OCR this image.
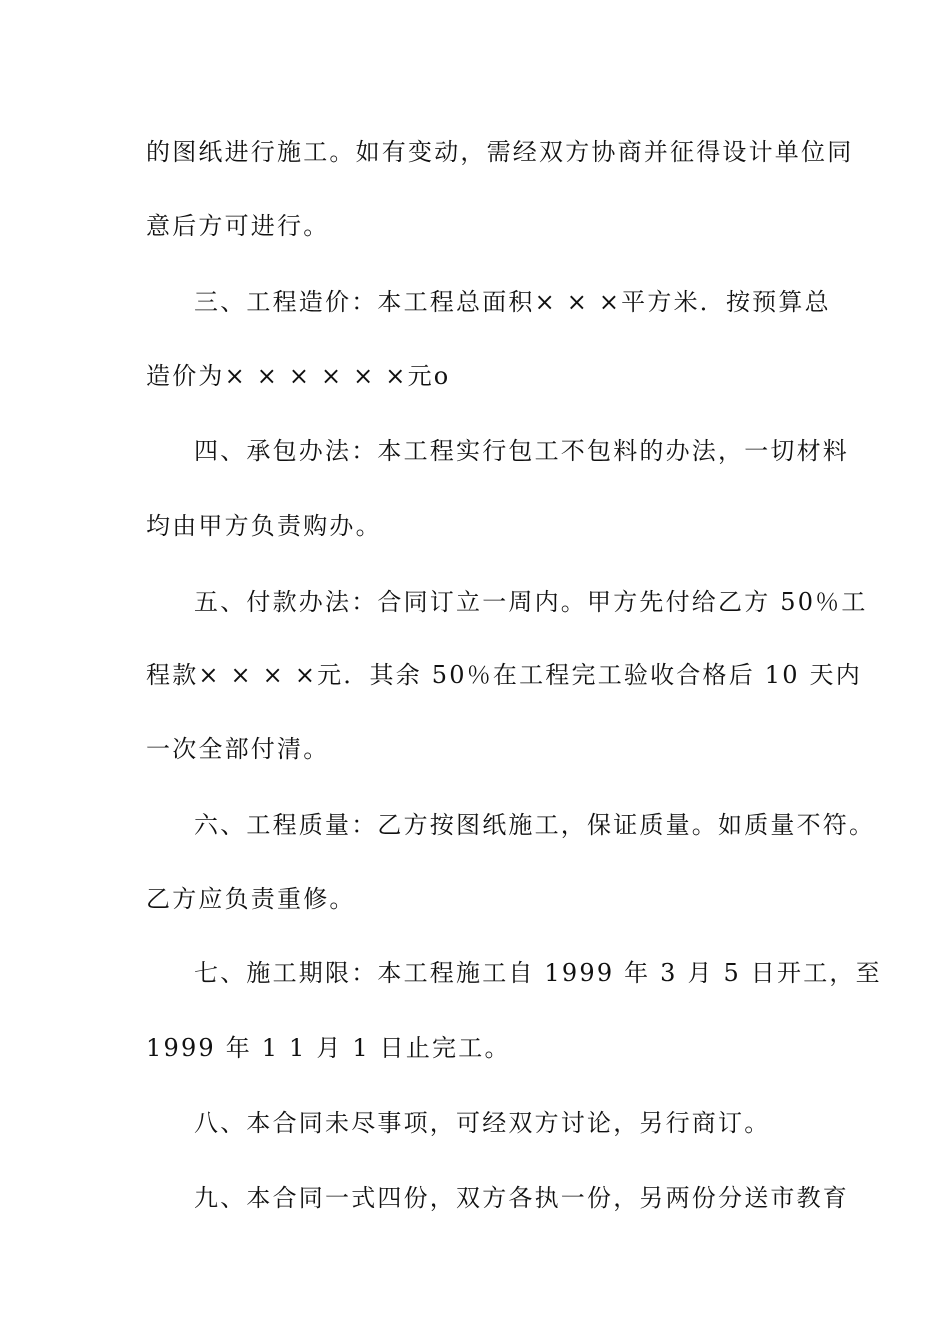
的图纸进行施工。如有变动，需经双方协商并征得设计单位同
意后方可进行。
三、工程造价：本工程总面积× × ×平方米．按预算总
造价为× × × × × ×元o
四、承包办法：本工程实行包工不包料的办法，一切材料
均由甲方负责购办。
五、付款办法：合同订立一周内。甲方先付给乙方 50％工
程款× × × ×元．其余 50％在工程完工验收合格后 10 天内
一次全部付清。
六、工程质量：乙方按图纸施工，保证质量。如质量不符。
乙方应负责重修。
七、施工期限：本工程施工自 1999 年 3 月 5 日开工，至
1999 年 1 1 月 1 日止完工。
八、本合同未尽事项，可经双方讨论，另行商订。
九、本合同一式四份，双方各执一份，另两份分送市教育
